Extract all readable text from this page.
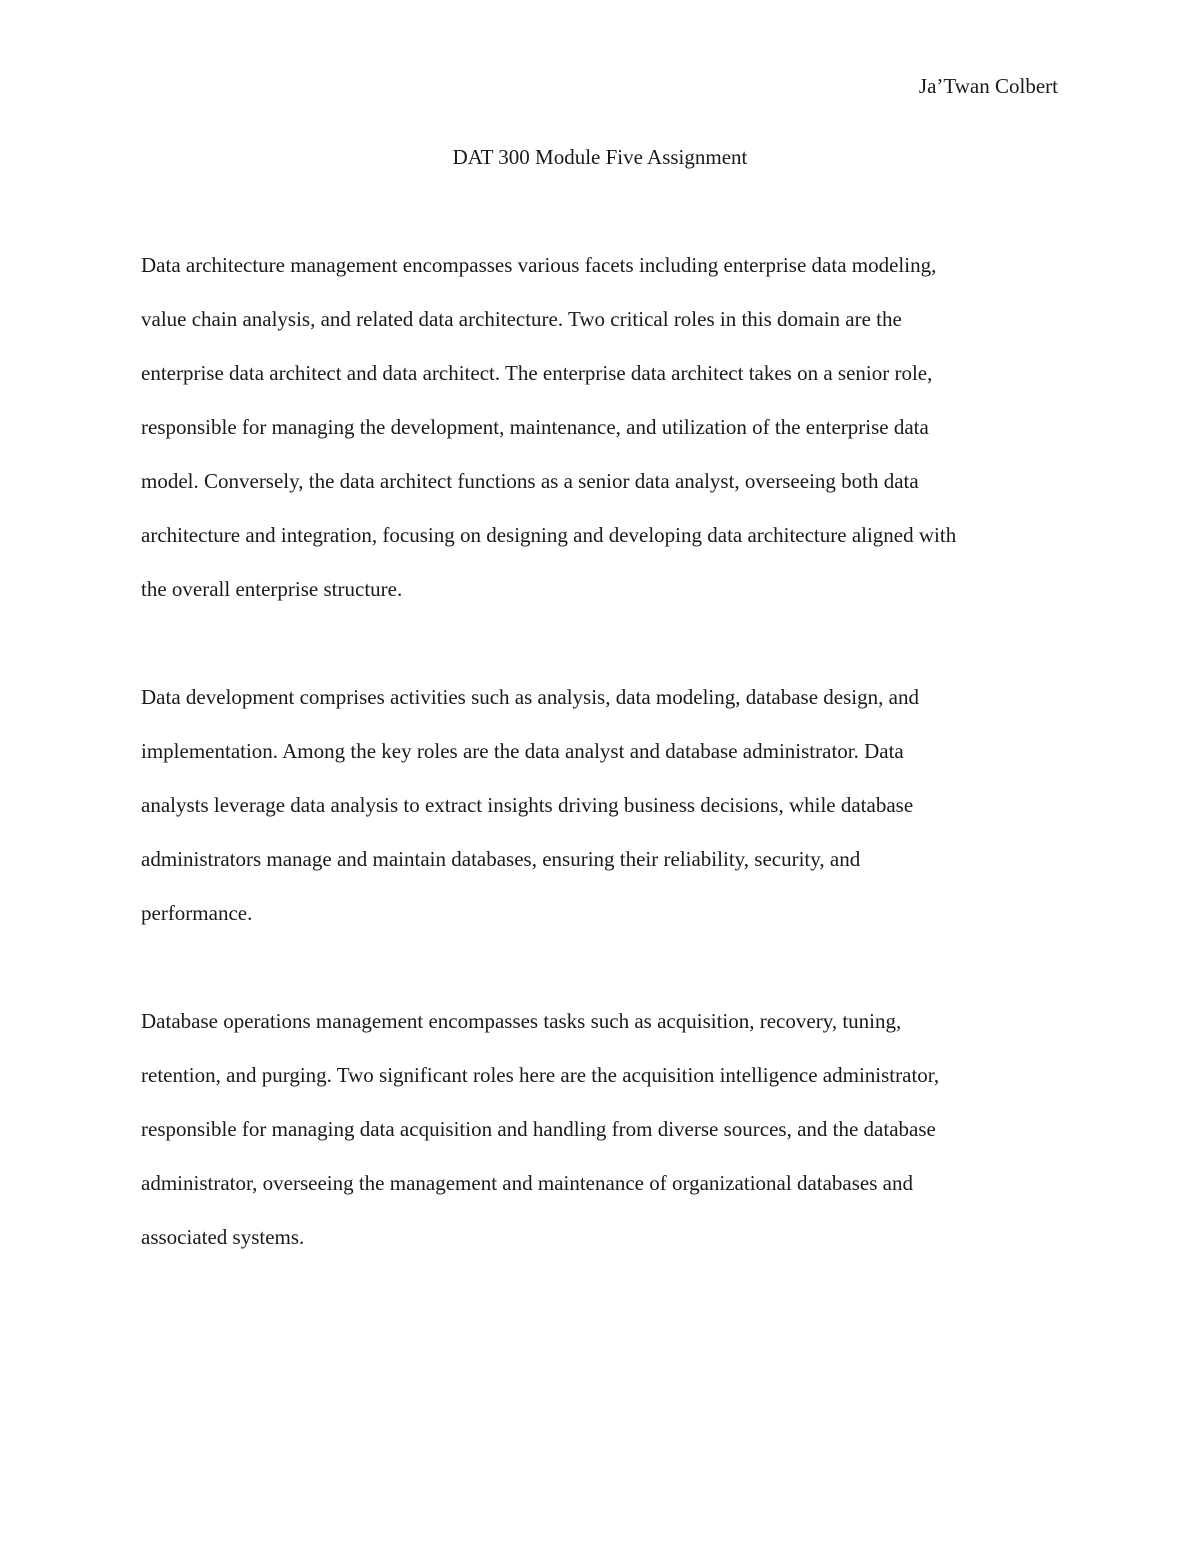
Ja’Twan Colbert
DAT 300 Module Five Assignment
Data architecture management encompasses various facets including enterprise data modeling,
value chain analysis, and related data architecture. Two critical roles in this domain are the
enterprise data architect and data architect. The enterprise data architect takes on a senior role,
responsible for managing the development, maintenance, and utilization of the enterprise data
model. Conversely, the data architect functions as a senior data analyst, overseeing both data
architecture and integration, focusing on designing and developing data architecture aligned with
the overall enterprise structure.
Data development comprises activities such as analysis, data modeling, database design, and
implementation. Among the key roles are the data analyst and database administrator. Data
analysts leverage data analysis to extract insights driving business decisions, while database
administrators manage and maintain databases, ensuring their reliability, security, and
performance.
Database operations management encompasses tasks such as acquisition, recovery, tuning,
retention, and purging. Two significant roles here are the acquisition intelligence administrator,
responsible for managing data acquisition and handling from diverse sources, and the database
administrator, overseeing the management and maintenance of organizational databases and
associated systems.
